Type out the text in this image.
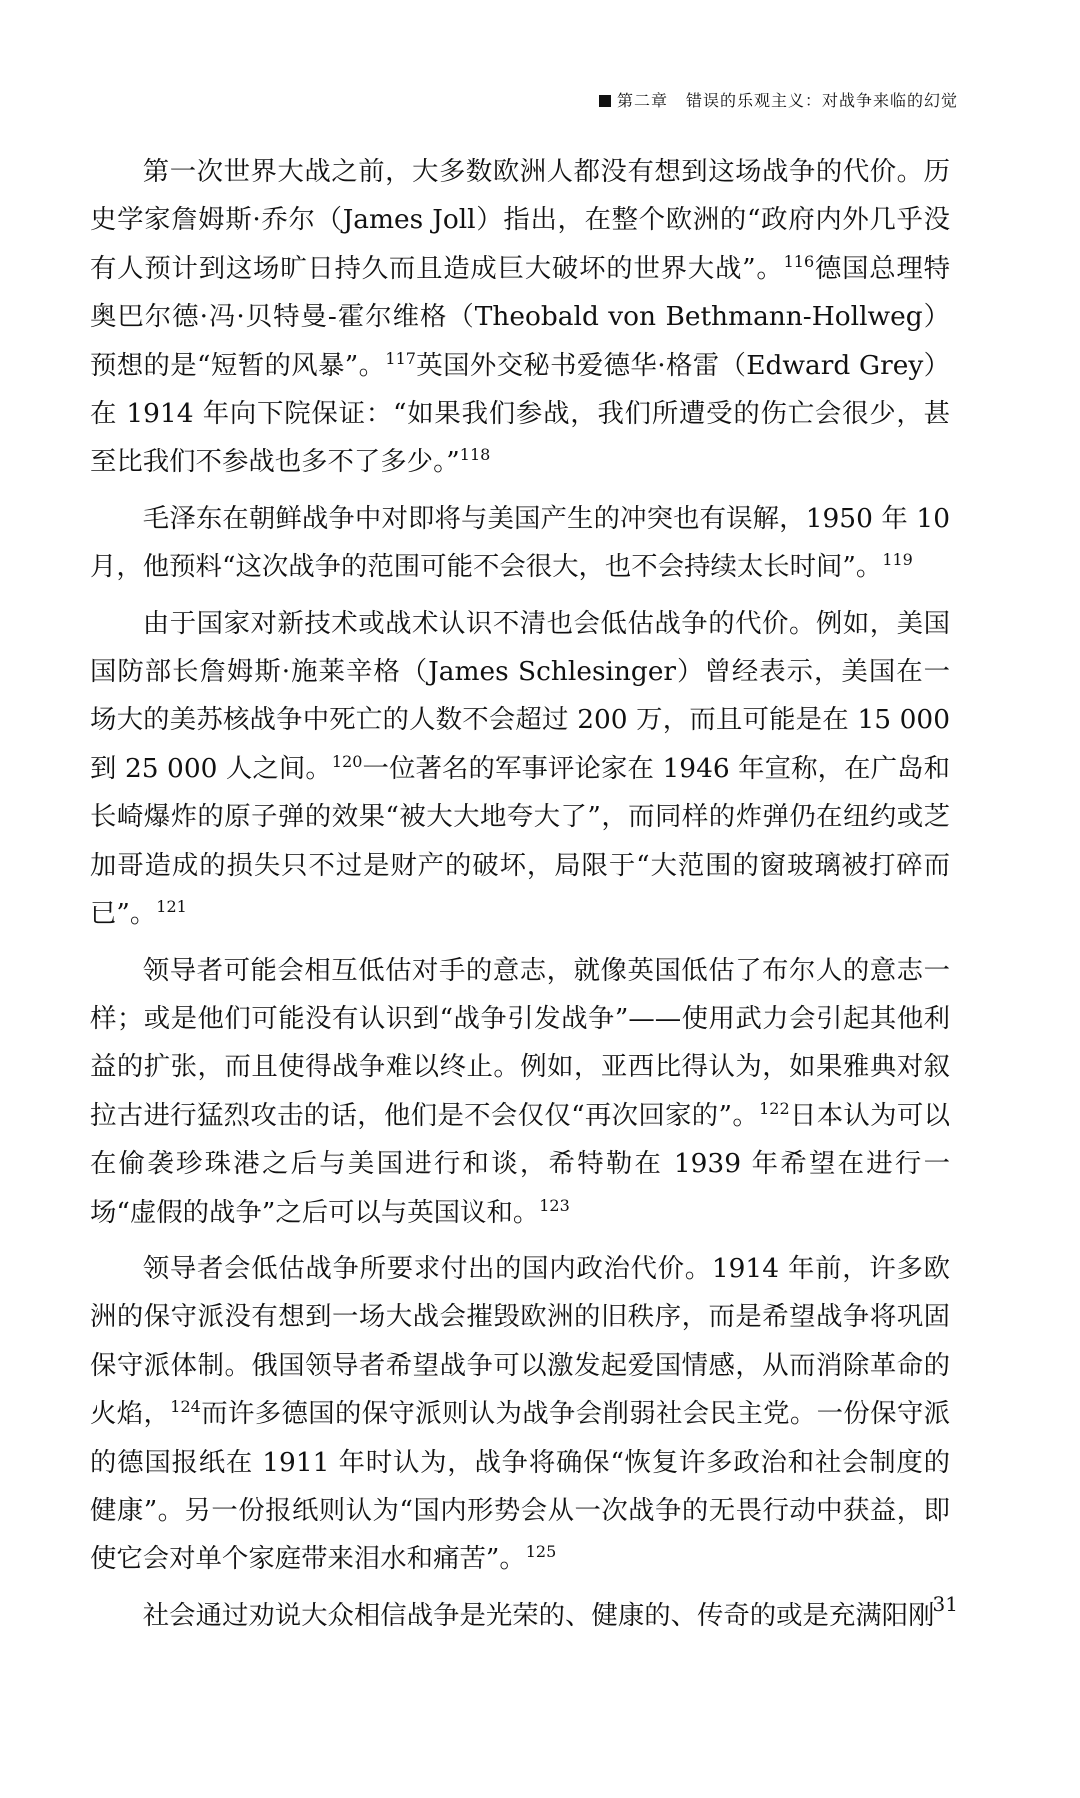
第二章 错误的乐观主义：对战争来临的幻觉

第一次世界大战之前，大多数欧洲人都没有想到这场战争的代价。历史学家詹姆斯·乔尔（James Joll）指出，在整个欧洲的“政府内外几乎没有人预计到这场旷日持久而且造成巨大破坏的世界大战”。$^{116}$德国总理特奥巴尔德·冯·贝特曼-霍尔维格（Theobald von Bethmann-Hollweg）预想的是“短暂的风暴”。$^{117}$英国外交秘书爱德华·格雷（Edward Grey）在 1914 年向下院保证：“如果我们参战，我们所遭受的伤亡会很少，甚至比我们不参战也多不了多少。”$^{118}$

毛泽东在朝鲜战争中对即将与美国产生的冲突也有误解，1950 年 10 月，他预料“这次战争的范围可能不会很大，也不会持续太长时间”。$^{119}$

由于国家对新技术或战术认识不清也会低估战争的代价。例如，美国国防部长詹姆斯·施莱辛格（James Schlesinger）曾经表示，美国在一场大的美苏核战争中死亡的人数不会超过 200 万，而且可能是在 15 000 到 25 000 人之间。$^{120}$一位著名的军事评论家在 1946 年宣称，在广岛和长崎爆炸的原子弹的效果“被大大地夸大了”，而同样的炸弹仍在纽约或芝加哥造成的损失只不过是财产的破坏，局限于“大范围的窗玻璃被打碎而已”。$^{121}$

领导者可能会相互低估对手的意志，就像英国低估了布尔人的意志一样；或是他们可能没有认识到“战争引发战争”——使用武力会引起其他利益的扩张，而且使得战争难以终止。例如，亚西比得认为，如果雅典对叙拉古进行猛烈攻击的话，他们是不会仅仅“再次回家的”。$^{122}$日本认为可以在偷袭珍珠港之后与美国进行和谈，希特勒在 1939 年希望在进行一场“虚假的战争”之后可以与英国议和。$^{123}$

领导者会低估战争所要求付出的国内政治代价。1914 年前，许多欧洲的保守派没有想到一场大战会摧毁欧洲的旧秩序，而是希望战争将巩固保守派体制。俄国领导者希望战争可以激发起爱国情感，从而消除革命的火焰，$^{124}$而许多德国的保守派则认为战争会削弱社会民主党。一份保守派的德国报纸在 1911 年时认为，战争将确保“恢复许多政治和社会制度的健康”。另一份报纸则认为“国内形势会从一次战争的无畏行动中获益，即使它会对单个家庭带来泪水和痛苦”。$^{125}$

社会通过劝说大众相信战争是光荣的、健康的、传奇的或是充满阳刚

31
